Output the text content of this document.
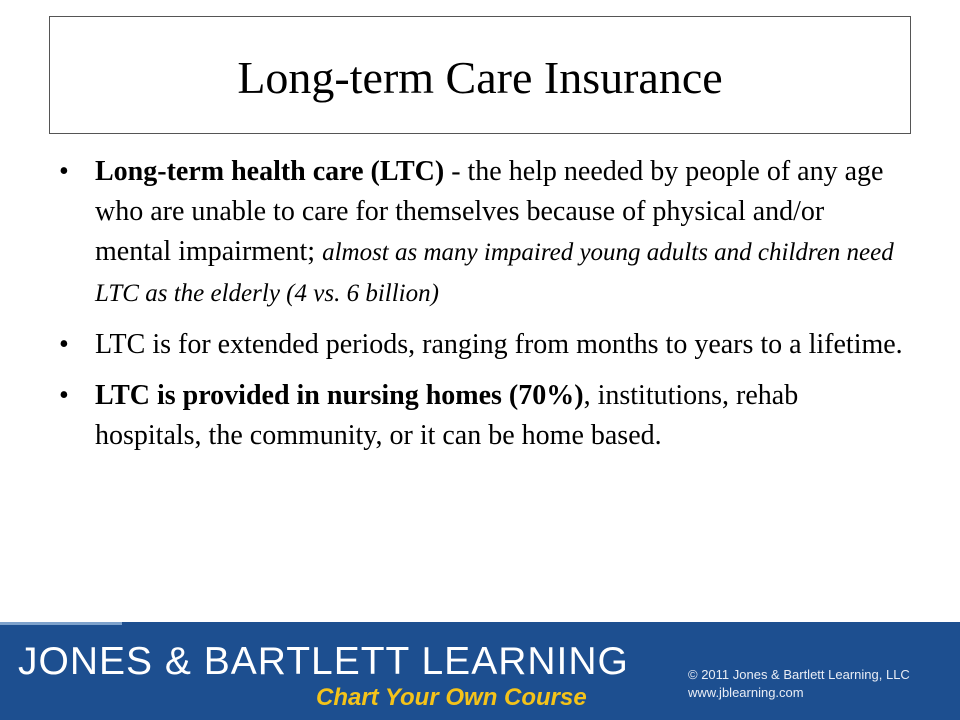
Long-term Care Insurance
• Long-term health care (LTC) - the help needed by people of any age who are unable to care for themselves because of physical and/or mental impairment; almost as many impaired young adults and children need LTC as the elderly (4 vs. 6 billion)
• LTC is for extended periods, ranging from months to years to a lifetime.
• LTC is provided in nursing homes (70%), institutions, rehab hospitals, the community, or it can be home based.
JONES & BARTLETT LEARNING
Chart Your Own Course
© 2011 Jones & Bartlett Learning, LLC
www.jblearning.com
